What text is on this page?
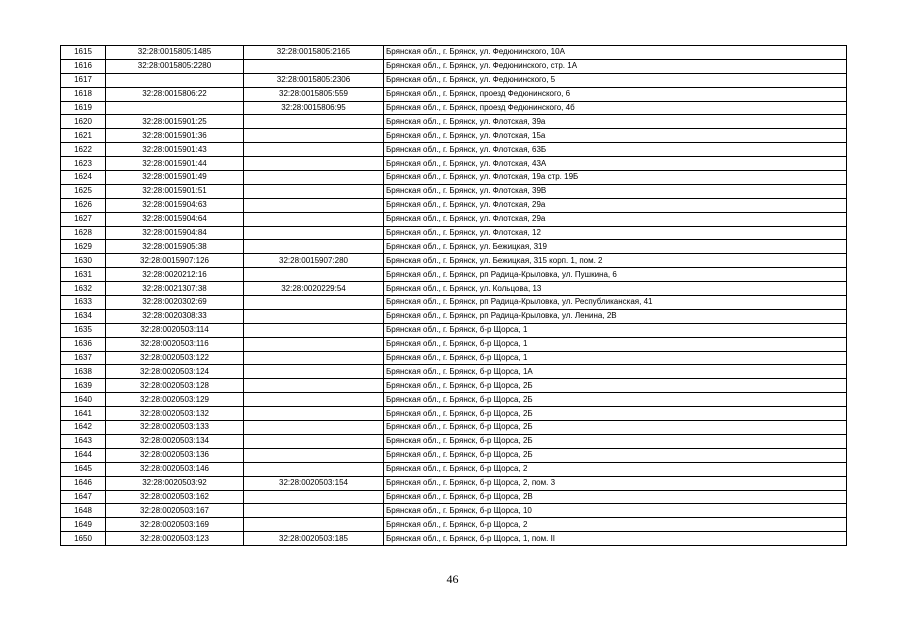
1615	32:28:0015805:1485	32:28:0015805:2165	Брянская обл., г. Брянск, ул. Федюнинского, 10А
1616	32:28:0015805:2280		Брянская обл., г. Брянск, ул. Федюнинского, стр. 1А
1617		32:28:0015805:2306	Брянская обл., г. Брянск, ул. Федюнинского, 5
1618	32:28:0015806:22	32:28:0015805:559	Брянская обл., г. Брянск, проезд Федюнинского, 6
1619		32:28:0015806:95	Брянская обл., г. Брянск, проезд Федюнинского, 4б
1620	32:28:0015901:25		Брянская обл., г. Брянск, ул. Флотская, 39а
1621	32:28:0015901:36		Брянская обл., г. Брянск, ул. Флотская, 15а
1622	32:28:0015901:43		Брянская обл., г. Брянск, ул. Флотская, 63Б
1623	32:28:0015901:44		Брянская обл., г. Брянск, ул. Флотская, 43А
1624	32:28:0015901:49		Брянская обл., г. Брянск, ул. Флотская, 19а стр. 19Б
1625	32:28:0015901:51		Брянская обл., г. Брянск, ул. Флотская, 39В
1626	32:28:0015904:63		Брянская обл., г. Брянск, ул. Флотская, 29а
1627	32:28:0015904:64		Брянская обл., г. Брянск, ул. Флотская, 29а
1628	32:28:0015904:84		Брянская обл., г. Брянск, ул. Флотская, 12
1629	32:28:0015905:38		Брянская обл., г. Брянск, ул. Бежицкая, 319
1630	32:28:0015907:126	32:28:0015907:280	Брянская обл., г. Брянск, ул. Бежицкая, 315 корп. 1, пом. 2
1631	32:28:0020212:16		Брянская обл., г. Брянск, рп Радица-Крыловка, ул. Пушкина, 6
1632	32:28:0021307:38	32:28:0020229:54	Брянская обл., г. Брянск, ул. Кольцова, 13
1633	32:28:0020302:69		Брянская обл., г. Брянск, рп Радица-Крыловка, ул. Республиканская, 41
1634	32:28:0020308:33		Брянская обл., г. Брянск, рп Радица-Крыловка, ул. Ленина, 2В
1635	32:28:0020503:114		Брянская обл., г. Брянск, б-р Щорса, 1
1636	32:28:0020503:116		Брянская обл., г. Брянск, б-р Щорса, 1
1637	32:28:0020503:122		Брянская обл., г. Брянск, б-р Щорса, 1
1638	32:28:0020503:124		Брянская обл., г. Брянск, б-р Щорса, 1А
1639	32:28:0020503:128		Брянская обл., г. Брянск, б-р Щорса, 2Б
1640	32:28:0020503:129		Брянская обл., г. Брянск, б-р Щорса, 2Б
1641	32:28:0020503:132		Брянская обл., г. Брянск, б-р Щорса, 2Б
1642	32:28:0020503:133		Брянская обл., г. Брянск, б-р Щорса, 2Б
1643	32:28:0020503:134		Брянская обл., г. Брянск, б-р Щорса, 2Б
1644	32:28:0020503:136		Брянская обл., г. Брянск, б-р Щорса, 2Б
1645	32:28:0020503:146		Брянская обл., г. Брянск, б-р Щорса, 2
1646	32:28:0020503:92	32:28:0020503:154	Брянская обл., г. Брянск, б-р Щорса, 2, пом. 3
1647	32:28:0020503:162		Брянская обл., г. Брянск, б-р Щорса, 2В
1648	32:28:0020503:167		Брянская обл., г. Брянск, б-р Щорса, 10
1649	32:28:0020503:169		Брянская обл., г. Брянск, б-р Щорса, 2
1650	32:28:0020503:123	32:28:0020503:185	Брянская обл., г. Брянск, б-р Щорса, 1, пом. II
46
